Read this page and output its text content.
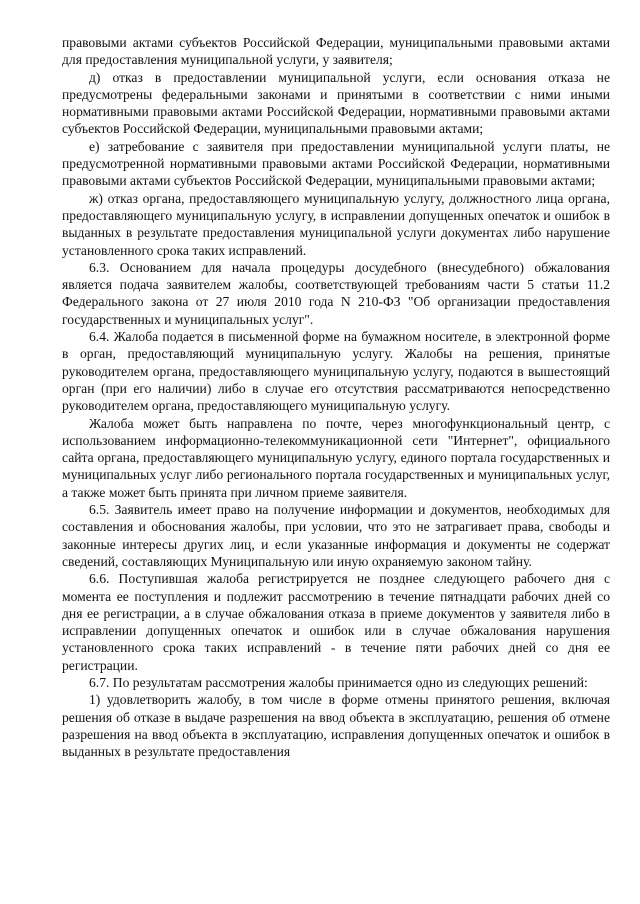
правовыми актами субъектов Российской Федерации, муниципальными правовыми актами для предоставления муниципальной услуги, у заявителя;

д) отказ в предоставлении муниципальной услуги, если основания отказа не предусмотрены федеральными законами и принятыми в соответствии с ними иными нормативными правовыми актами Российской Федерации, нормативными правовыми актами субъектов Российской Федерации, муниципальными правовыми актами;

е) затребование с заявителя при предоставлении муниципальной услуги платы, не предусмотренной нормативными правовыми актами Российской Федерации, нормативными правовыми актами субъектов Российской Федерации, муниципальными правовыми актами;

ж) отказ органа, предоставляющего муниципальную услугу, должностного лица органа, предоставляющего муниципальную услугу, в исправлении допущенных опечаток и ошибок в выданных в результате предоставления муниципальной услуги документах либо нарушение установленного срока таких исправлений.

6.3. Основанием для начала процедуры досудебного (внесудебного) обжалования является подача заявителем жалобы, соответствующей требованиям части 5 статьи 11.2 Федерального закона от 27 июля 2010 года N 210-ФЗ "Об организации предоставления государственных и муниципальных услуг".

6.4. Жалоба подается в письменной форме на бумажном носителе, в электронной форме в орган, предоставляющий муниципальную услугу. Жалобы на решения, принятые руководителем органа, предоставляющего муниципальную услугу, подаются в вышестоящий орган (при его наличии) либо в случае его отсутствия рассматриваются непосредственно руководителем органа, предоставляющего муниципальную услугу.

Жалоба может быть направлена по почте, через многофункциональный центр, с использованием информационно-телекоммуникационной сети "Интернет", официального сайта органа, предоставляющего муниципальную услугу, единого портала государственных и муниципальных услуг либо регионального портала государственных и муниципальных услуг, а также может быть принята при личном приеме заявителя.

6.5. Заявитель имеет право на получение информации и документов, необходимых для составления и обоснования жалобы, при условии, что это не затрагивает права, свободы и законные интересы других лиц, и если указанные информация и документы не содержат сведений, составляющих Муниципальную или иную охраняемую законом тайну.

6.6. Поступившая жалоба регистрируется не позднее следующего рабочего дня с момента ее поступления и подлежит рассмотрению в течение пятнадцати рабочих дней со дня ее регистрации, а в случае обжалования отказа в приеме документов у заявителя либо в исправлении допущенных опечаток и ошибок или в случае обжалования нарушения установленного срока таких исправлений - в течение пяти рабочих дней со дня ее регистрации.

6.7. По результатам рассмотрения жалобы принимается одно из следующих решений:

1) удовлетворить жалобу, в том числе в форме отмены принятого решения, включая решения об отказе в выдаче разрешения на ввод объекта в эксплуатацию, решения об отмене разрешения на ввод объекта в эксплуатацию, исправления допущенных опечаток и ошибок в выданных в результате предоставления
